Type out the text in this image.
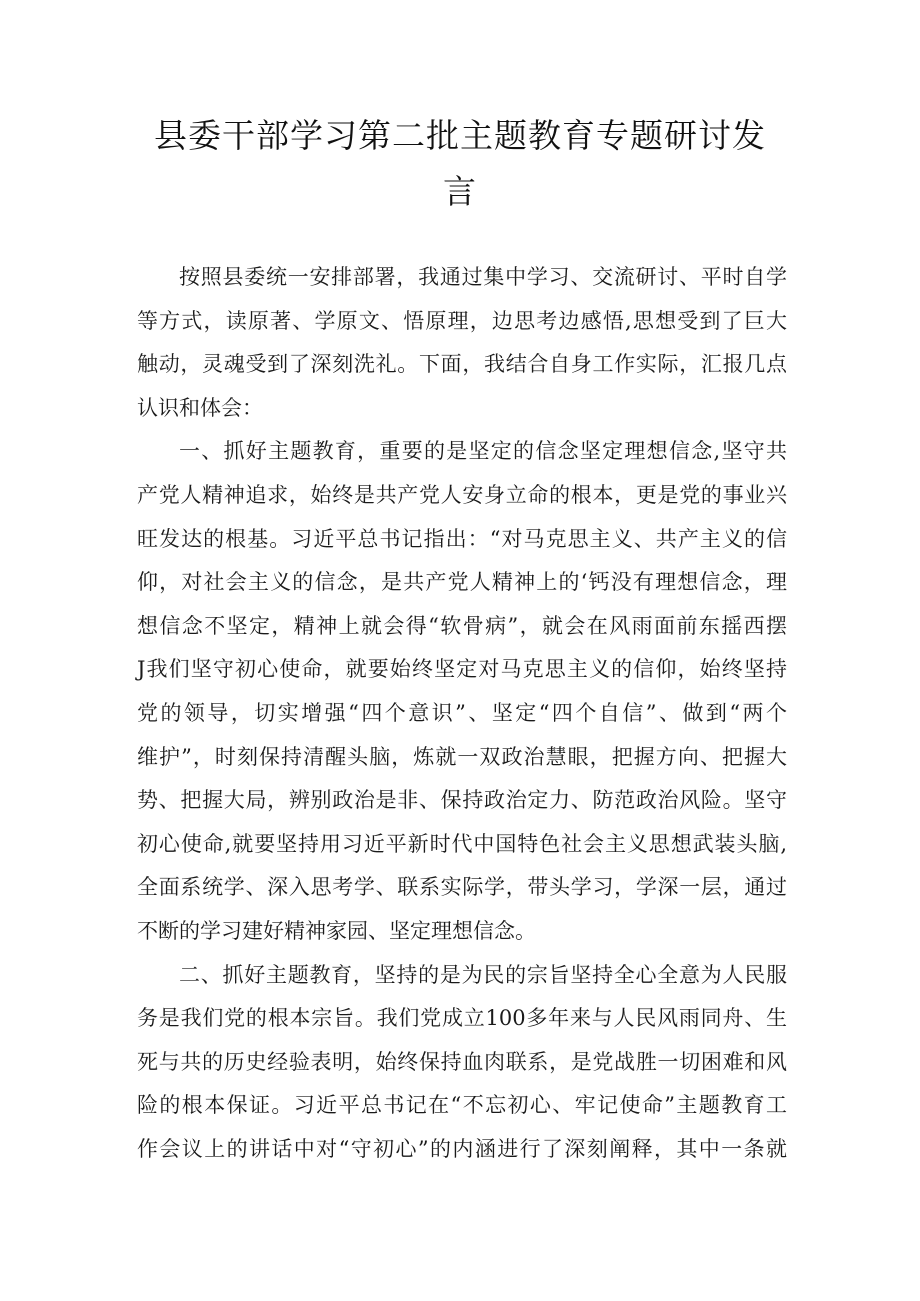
县委干部学习第二批主题教育专题研讨发
言
按照县委统一安排部署，我通过集中学习、交流研讨、平时自学
等方式，读原著、学原文、悟原理，边思考边感悟,思想受到了巨大
触动，灵魂受到了深刻洗礼。下面，我结合自身工作实际，汇报几点
认识和体会：
一、抓好主题教育，重要的是坚定的信念坚定理想信念,坚守共
产党人精神追求，始终是共产党人安身立命的根本，更是党的事业兴
旺发达的根基。习近平总书记指出：“对马克思主义、共产主义的信
仰，对社会主义的信念，是共产党人精神上的‘钙没有理想信念，理
想信念不坚定，精神上就会得“软骨病”，就会在风雨面前东摇西摆
J我们坚守初心使命，就要始终坚定对马克思主义的信仰，始终坚持
党的领导，切实增强“四个意识”、坚定“四个自信”、做到“两个
维护”，时刻保持清醒头脑，炼就一双政治慧眼，把握方向、把握大
势、把握大局，辨别政治是非、保持政治定力、防范政治风险。坚守
初心使命,就要坚持用习近平新时代中国特色社会主义思想武装头脑,
全面系统学、深入思考学、联系实际学，带头学习，学深一层，通过
不断的学习建好精神家园、坚定理想信念。
二、抓好主题教育，坚持的是为民的宗旨坚持全心全意为人民服
务是我们党的根本宗旨。我们党成立100多年来与人民风雨同舟、生
死与共的历史经验表明，始终保持血肉联系，是党战胜一切困难和风
险的根本保证。习近平总书记在“不忘初心、牢记使命”主题教育工
作会议上的讲话中对“守初心”的内涵进行了深刻阐释，其中一条就
